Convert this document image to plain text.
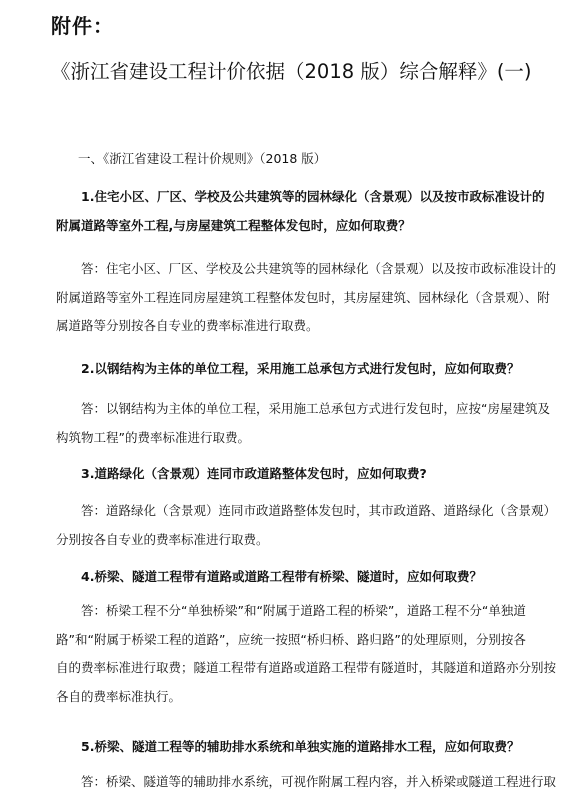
附件：
《浙江省建设工程计价依据（2018 版）综合解释》(一)
一、《浙江省建设工程计价规则》（2018 版）

1.住宅小区、厂区、学校及公共建筑等的园林绿化（含景观）以及按市政标准设计的
附属道路等室外工程,与房屋建筑工程整体发包时，应如何取费？

答：住宅小区、厂区、学校及公共建筑等的园林绿化（含景观）以及按市政标准设计的
附属道路等室外工程连同房屋建筑工程整体发包时，其房屋建筑、园林绿化（含景观）、附
属道路等分别按各自专业的费率标准进行取费。

2.以钢结构为主体的单位工程，采用施工总承包方式进行发包时，应如何取费？

答：以钢结构为主体的单位工程，采用施工总承包方式进行发包时，应按“房屋建筑及
构筑物工程”的费率标准进行取费。

3.道路绿化（含景观）连同市政道路整体发包时，应如何取费?

答：道路绿化（含景观）连同市政道路整体发包时，其市政道路、道路绿化（含景观）
分别按各自专业的费率标准进行取费。

4.桥梁、隧道工程带有道路或道路工程带有桥梁、隧道时，应如何取费？

答：桥梁工程不分“单独桥梁”和“附属于道路工程的桥梁”，道路工程不分“单独道
路”和“附属于桥梁工程的道路”，应统一按照“桥归桥、路归路”的处理原则，分别按各
自的费率标准进行取费；隧道工程带有道路或道路工程带有隧道时，其隧道和道路亦分别按
各自的费率标准执行。

5.桥梁、隧道工程等的辅助排水系统和单独实施的道路排水工程，应如何取费？

答：桥梁、隧道等的辅助排水系统，可视作附属工程内容，并入桥梁或隧道工程进行取
